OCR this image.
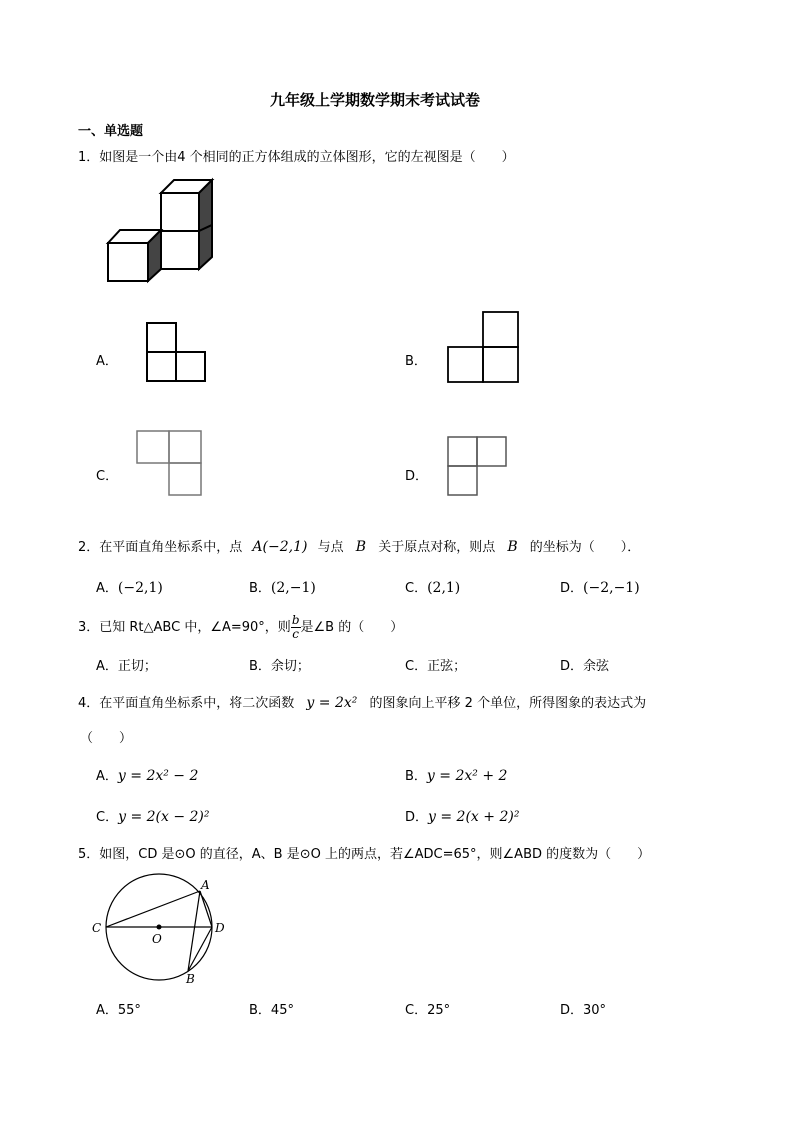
九年级上学期数学期末考试试卷
一、单选题
1．如图是一个由4 个相同的正方体组成的立体图形，它的左视图是（　　）
A．	B．
C．	D．
2．在平面直角坐标系中，点 A(−2,1) 与点 B 关于原点对称，则点 B 的坐标为（　　）．
A．(−2,1)	B．(2,−1)	C．(2,1)	D．(−2,−1)
3．已知 Rt△ABC 中，∠A=90°，则 $\frac{b}{c}$ 是∠B 的（　　）
A．正切；	B．余切；	C．正弦；	D．余弦
4．在平面直角坐标系中，将二次函数 y = 2x² 的图象向上平移 2 个单位，所得图象的表达式为
（　　）
A．y = 2x² − 2	B．y = 2x² + 2
C．y = 2(x − 2)²	D．y = 2(x + 2)²
5．如图，CD 是⊙O 的直径，A、B 是⊙O 上的两点，若∠ADC=65°，则∠ABD 的度数为（　　）
C	D
A
B
O
A．55°	B．45°	C．25°	D．30°
